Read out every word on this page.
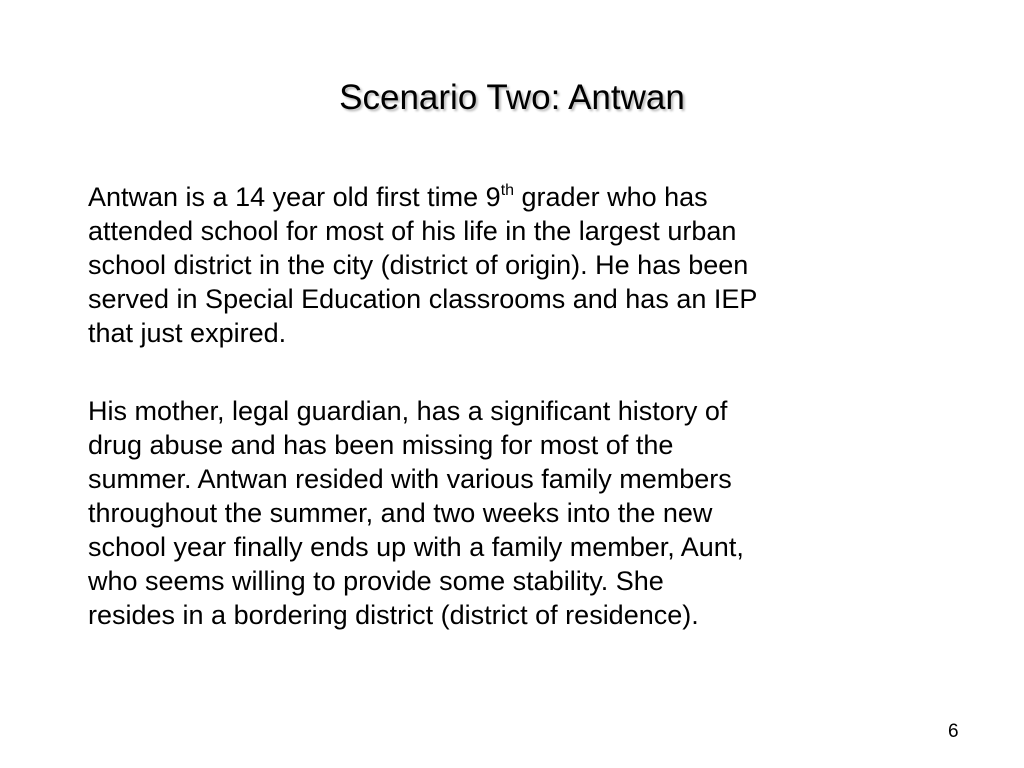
Scenario Two: Antwan

Antwan is a 14 year old first time 9th grader who has
attended school for most of his life in the largest urban
school district in the city (district of origin). He has been
served in Special Education classrooms and has an IEP
that just expired.

His mother, legal guardian, has a significant history of
drug abuse and has been missing for most of the
summer. Antwan resided with various family members
throughout the summer, and two weeks into the new
school year finally ends up with a family member, Aunt,
who seems willing to provide some stability. She
resides in a bordering district (district of residence).

6
